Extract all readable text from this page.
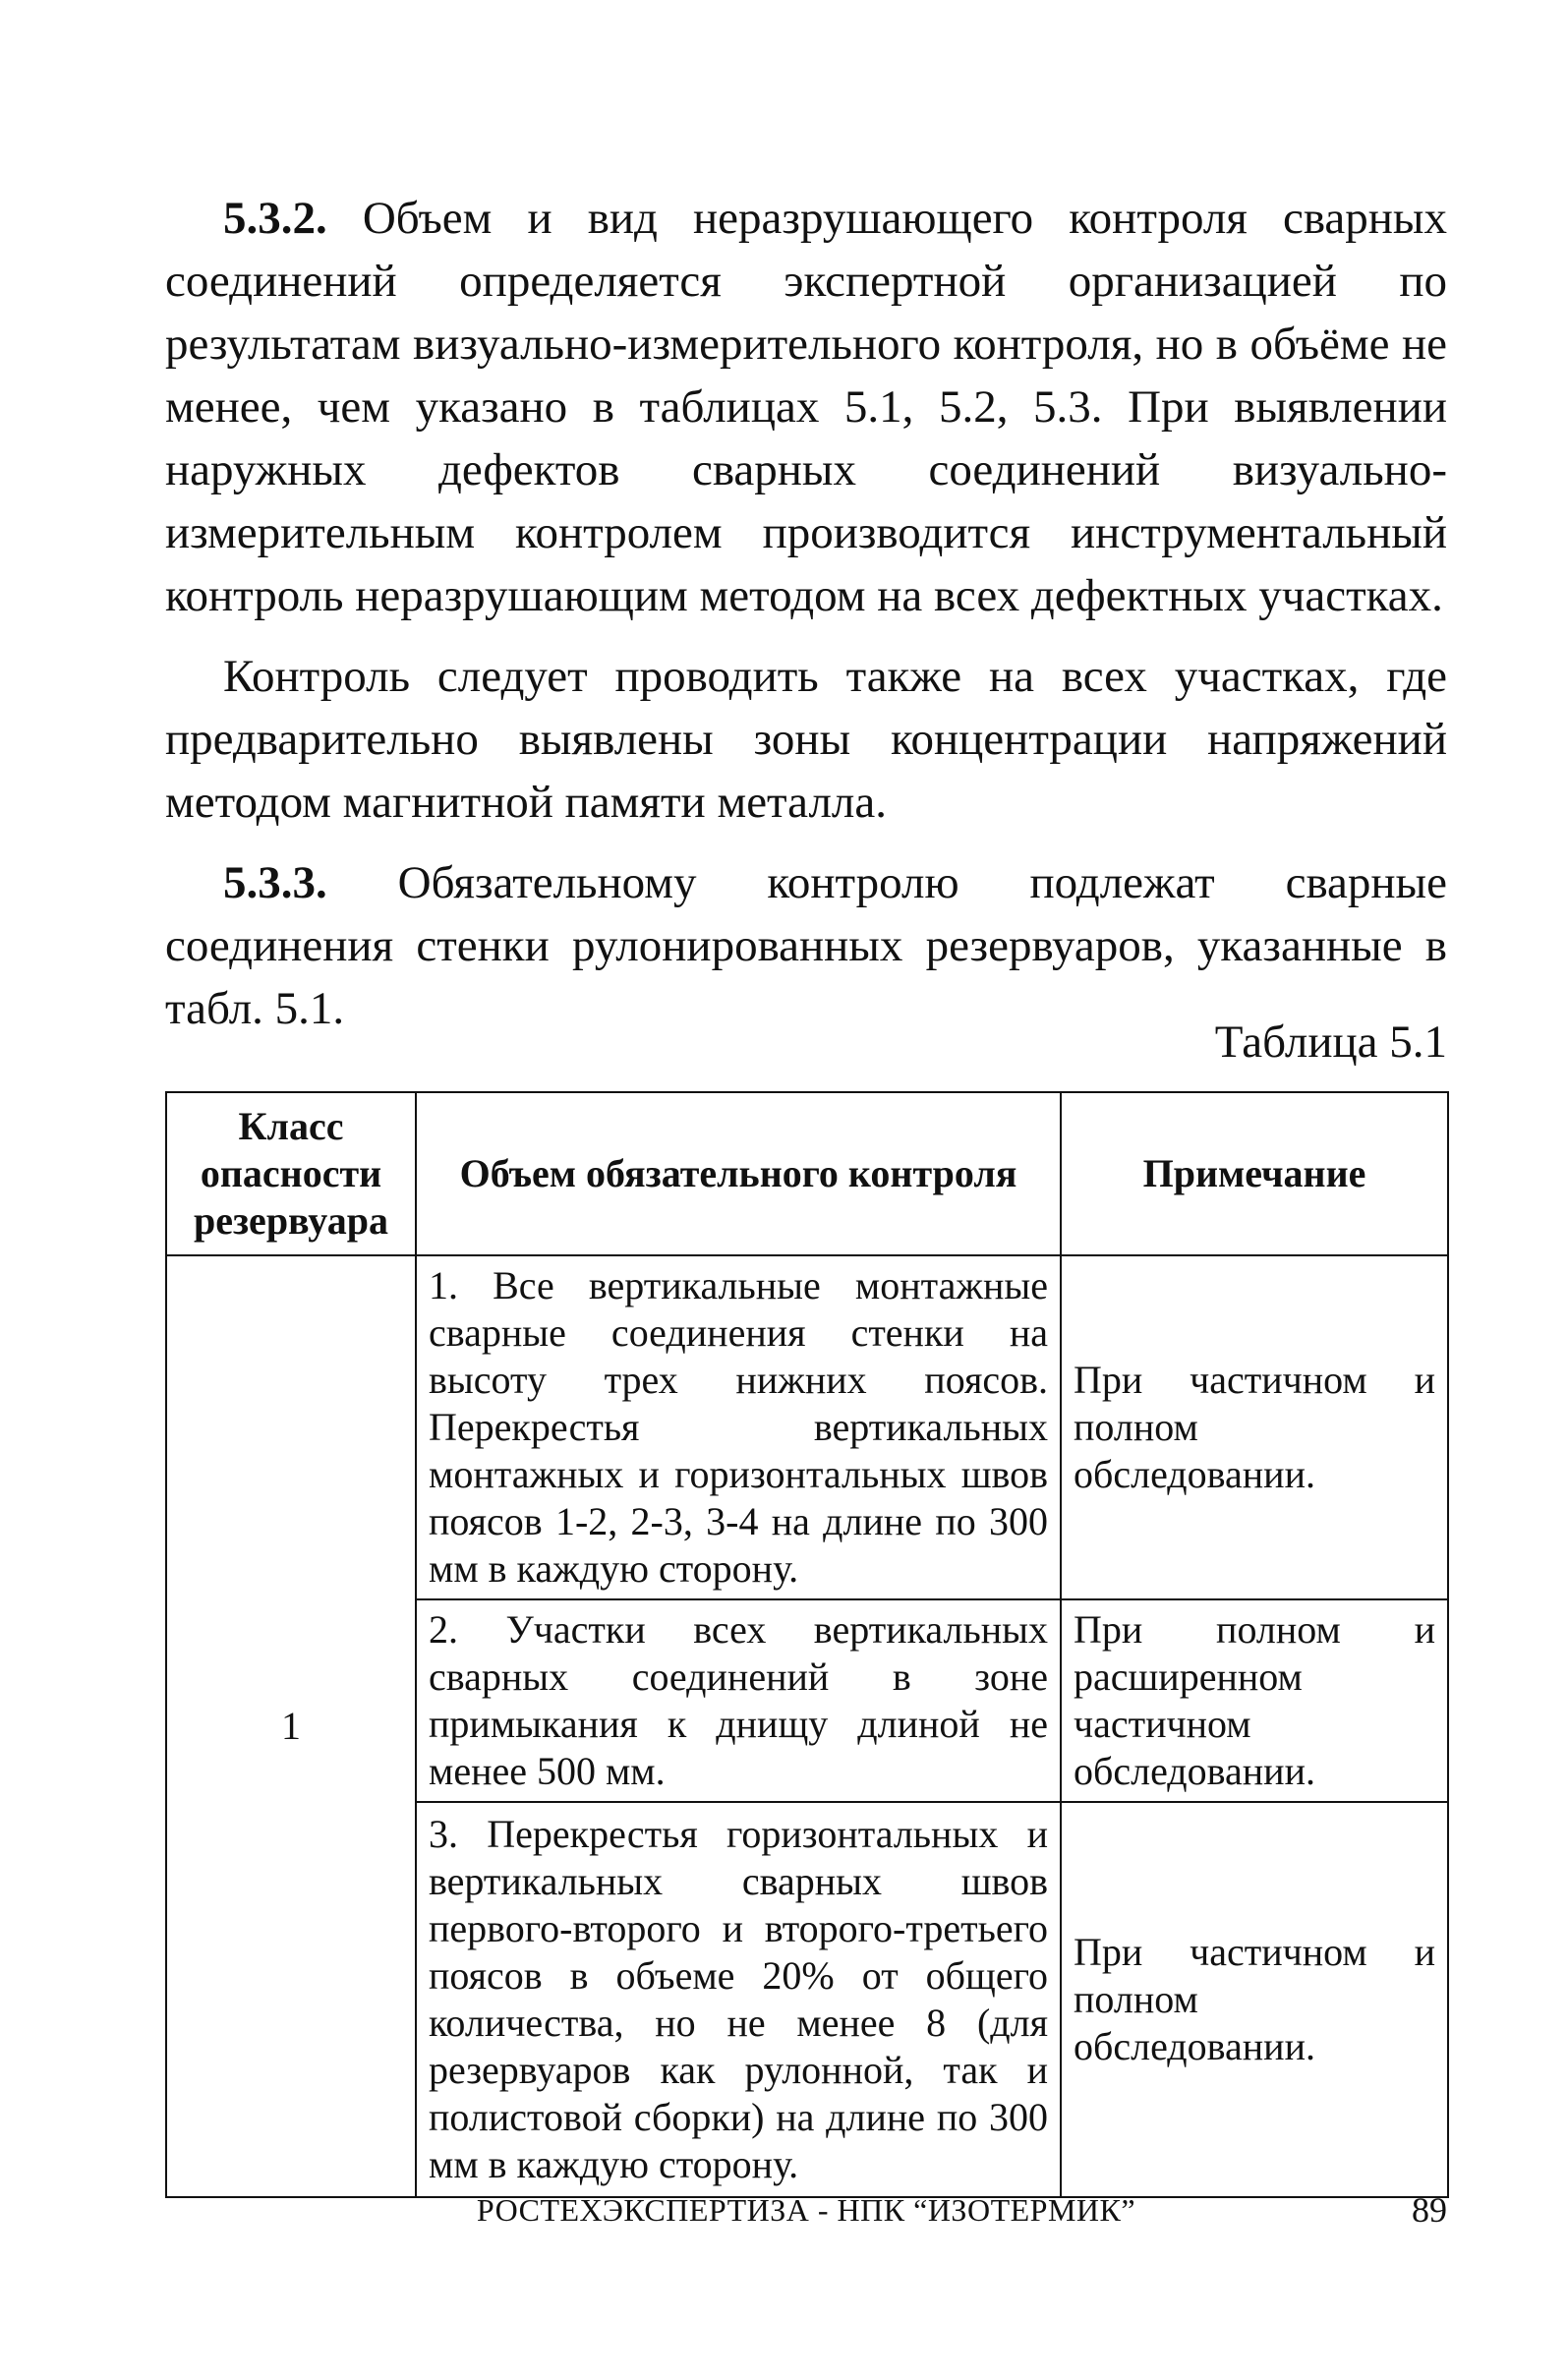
5.3.2. Объем и вид неразрушающего контроля сварных соединений определяется экспертной организацией по результатам визуально-измерительного контроля, но в объёме не менее, чем указано в таблицах 5.1, 5.2, 5.3. При выявлении наружных дефектов сварных соединений визуально-измерительным контролем производится инструментальный контроль неразрушающим методом на всех дефектных участках.

Контроль следует проводить также на всех участках, где предварительно выявлены зоны концентрации напряжений методом магнитной памяти металла.

5.3.3. Обязательному контролю подлежат сварные соединения стенки рулонированных резервуаров, указанные в табл. 5.1.

Таблица 5.1
Класс опасности резервуара	Объем обязательного контроля	Примечание
1	1. Все вертикальные монтажные сварные соединения стенки на высоту трех нижних поясов. Перекрестья вертикальных монтажных и горизонтальных швов поясов 1-2, 2-3, 3-4 на длине по 300 мм в каждую сторону.	При частичном и полном обследовании.
	2. Участки всех вертикальных сварных соединений в зоне примыкания к днищу длиной не менее 500 мм.	При полном и расширенном частичном обследовании.
	3. Перекрестья горизонтальных и вертикальных сварных швов первого-второго и второго-третьего поясов в объеме 20% от общего количества, но не менее 8 (для резервуаров как рулонной, так и полистовой сборки) на длине по 300 мм в каждую сторону.	При частичном и полном обследовании.
РОСТЕХЭКСПЕРТИЗА - НПК “ИЗОТЕРМИК”	89
